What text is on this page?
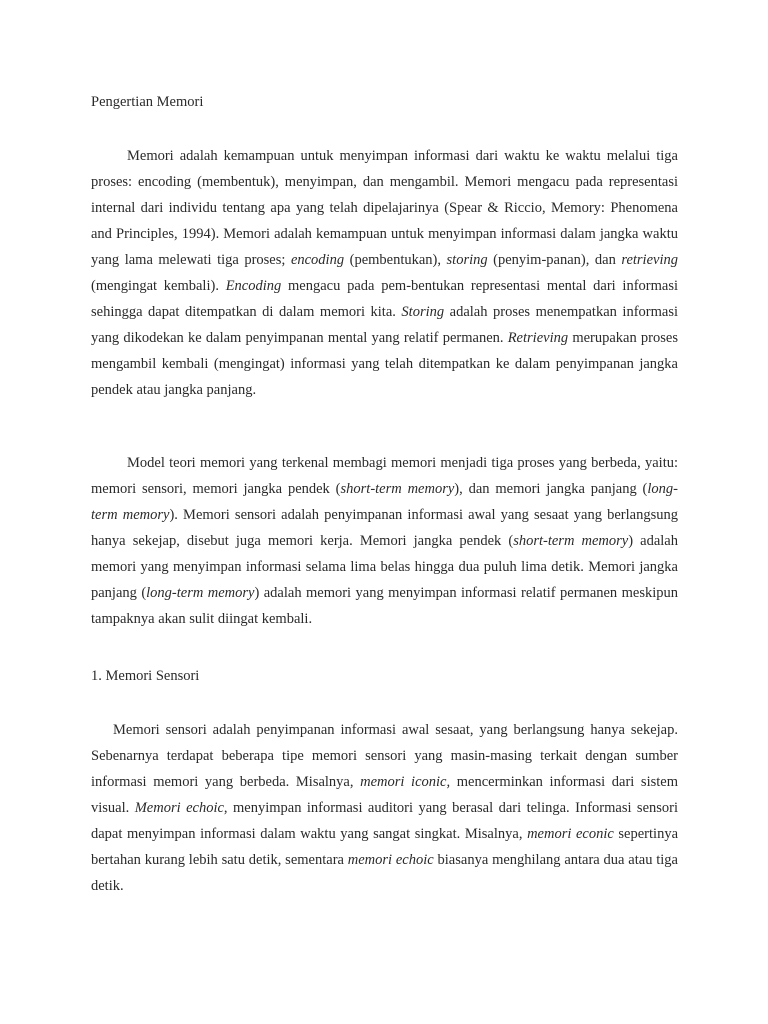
Pengertian Memori

Memori adalah kemampuan untuk menyimpan informasi dari waktu ke waktu melalui tiga proses: encoding (membentuk), menyimpan, dan mengambil. Memori mengacu pada representasi internal dari individu tentang apa yang telah dipelajarinya (Spear & Riccio, Memory: Phenomena and Principles, 1994). Memori adalah kemampuan untuk menyimpan informasi dalam jangka waktu yang lama melewati tiga proses; encoding (pembentukan), storing (penyim-panan), dan retrieving (mengingat kembali). Encoding mengacu pada pem-bentukan representasi mental dari informasi sehingga dapat ditempatkan di dalam memori kita. Storing adalah proses menempatkan informasi yang dikodekan ke dalam penyimpanan mental yang relatif permanen. Retrieving merupakan proses mengambil kembali (mengingat) informasi yang telah ditempatkan ke dalam penyimpanan jangka pendek atau jangka panjang.

Model teori memori yang terkenal membagi memori menjadi tiga proses yang berbeda, yaitu: memori sensori, memori jangka pendek (short-term memory), dan memori jangka panjang (long-term memory). Memori sensori adalah penyimpanan informasi awal yang sesaat yang berlangsung hanya sekejap, disebut juga memori kerja. Memori jangka pendek (short-term memory) adalah memori yang menyimpan informasi selama lima belas hingga dua puluh lima detik. Memori jangka panjang (long-term memory) adalah memori yang menyimpan informasi relatif permanen meskipun tampaknya akan sulit diingat kembali.

1. Memori Sensori

Memori sensori adalah penyimpanan informasi awal sesaat, yang berlangsung hanya sekejap. Sebenarnya terdapat beberapa tipe memori sensori yang masin-masing terkait dengan sumber informasi memori yang berbeda. Misalnya, memori iconic, mencerminkan informasi dari sistem visual. Memori echoic, menyimpan informasi auditori yang berasal dari telinga. Informasi sensori dapat menyimpan informasi dalam waktu yang sangat singkat. Misalnya, memori econic sepertinya bertahan kurang lebih satu detik, sementara memori echoic biasanya menghilang antara dua atau tiga detik.
